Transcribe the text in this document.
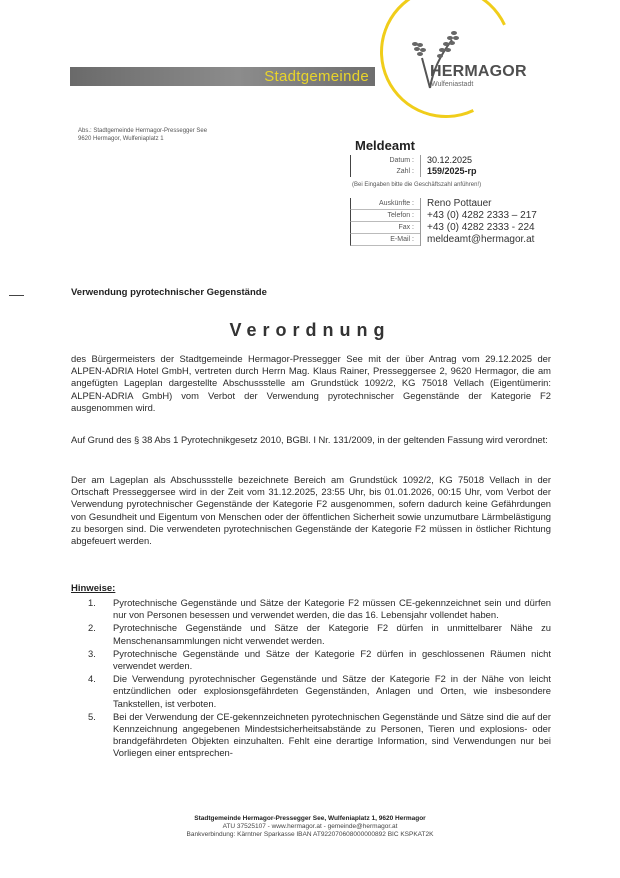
Stadtgemeinde	HERMAGOR
Wulfeniastadt
Abs.: Stadtgemeinde Hermagor-Pressegger See
9620 Hermagor, Wulfeniaplatz 1	Meldeamt
Datum :	30.12.2025
Zahl :	159/2025-rp
(Bei Eingaben bitte die Geschäftszahl anführen!)
Auskünfte :	Reno Pottauer
Telefon :	+43 (0) 4282 2333 – 217
Fax :	+43 (0) 4282 2333 - 224
E-Mail :	meldeamt@hermagor.at
Verwendung pyrotechnischer Gegenstände
Verordnung
des Bürgermeisters der Stadtgemeinde Hermagor-Pressegger See mit der über Antrag vom 29.12.2025 der ALPEN-ADRIA Hotel GmbH, vertreten durch Herrn Mag. Klaus Rainer, Presseggersee 2, 9620 Hermagor, die am angefügten Lageplan dargestellte Abschussstelle am Grundstück 1092/2, KG 75018 Vellach (Eigentümerin: ALPEN-ADRIA GmbH) vom Verbot der Verwendung pyrotechnischer Gegenstände der Kategorie F2 ausgenommen wird.
Auf Grund des § 38 Abs 1 Pyrotechnikgesetz 2010, BGBl. I Nr. 131/2009, in der geltenden Fassung wird verordnet:
Der am Lageplan als Abschussstelle bezeichnete Bereich am Grundstück 1092/2, KG 75018 Vellach in der Ortschaft Presseggersee wird in der Zeit vom 31.12.2025, 23:55 Uhr, bis 01.01.2026, 00:15 Uhr, vom Verbot der Verwendung pyrotechnischer Gegenstände der Kategorie F2 ausgenommen, sofern dadurch keine Gefährdungen von Gesundheit und Eigentum von Menschen oder der öffentlichen Sicherheit sowie unzumutbare Lärmbelästigung zu besorgen sind. Die verwendeten pyrotechnischen Gegenstände der Kategorie F2 müssen in östlicher Richtung abgefeuert werden.
Hinweise:
1.	Pyrotechnische Gegenstände und Sätze der Kategorie F2 müssen CE-gekennzeichnet sein und dürfen nur von Personen besessen und verwendet werden, die das 16. Lebensjahr vollendet haben.
2.	Pyrotechnische Gegenstände und Sätze der Kategorie F2 dürfen in unmittelbarer Nähe zu Menschenansammlungen nicht verwendet werden.
3.	Pyrotechnische Gegenstände und Sätze der Kategorie F2 dürfen in geschlossenen Räumen nicht verwendet werden.
4.	Die Verwendung pyrotechnischer Gegenstände und Sätze der Kategorie F2 in der Nähe von leicht entzündlichen oder explosionsgefährdeten Gegenständen, Anlagen und Orten, wie insbesondere Tankstellen, ist verboten.
5.	Bei der Verwendung der CE-gekennzeichneten pyrotechnischen Gegenstände und Sätze sind die auf der Kennzeichnung angegebenen Mindestsicherheitsabstände zu Personen, Tieren und explosions- oder brandgefährdeten Objekten einzuhalten. Fehlt eine derartige Information, sind Verwendungen nur bei Vorliegen einer entsprechen-
Stadtgemeinde Hermagor-Pressegger See, Wulfeniaplatz 1, 9620 Hermagor
ATU 37525107 - www.hermagor.at - gemeinde@hermagor.at
Bankverbindung: Kärntner Sparkasse IBAN AT922070608000000892 BIC KSPKAT2K
